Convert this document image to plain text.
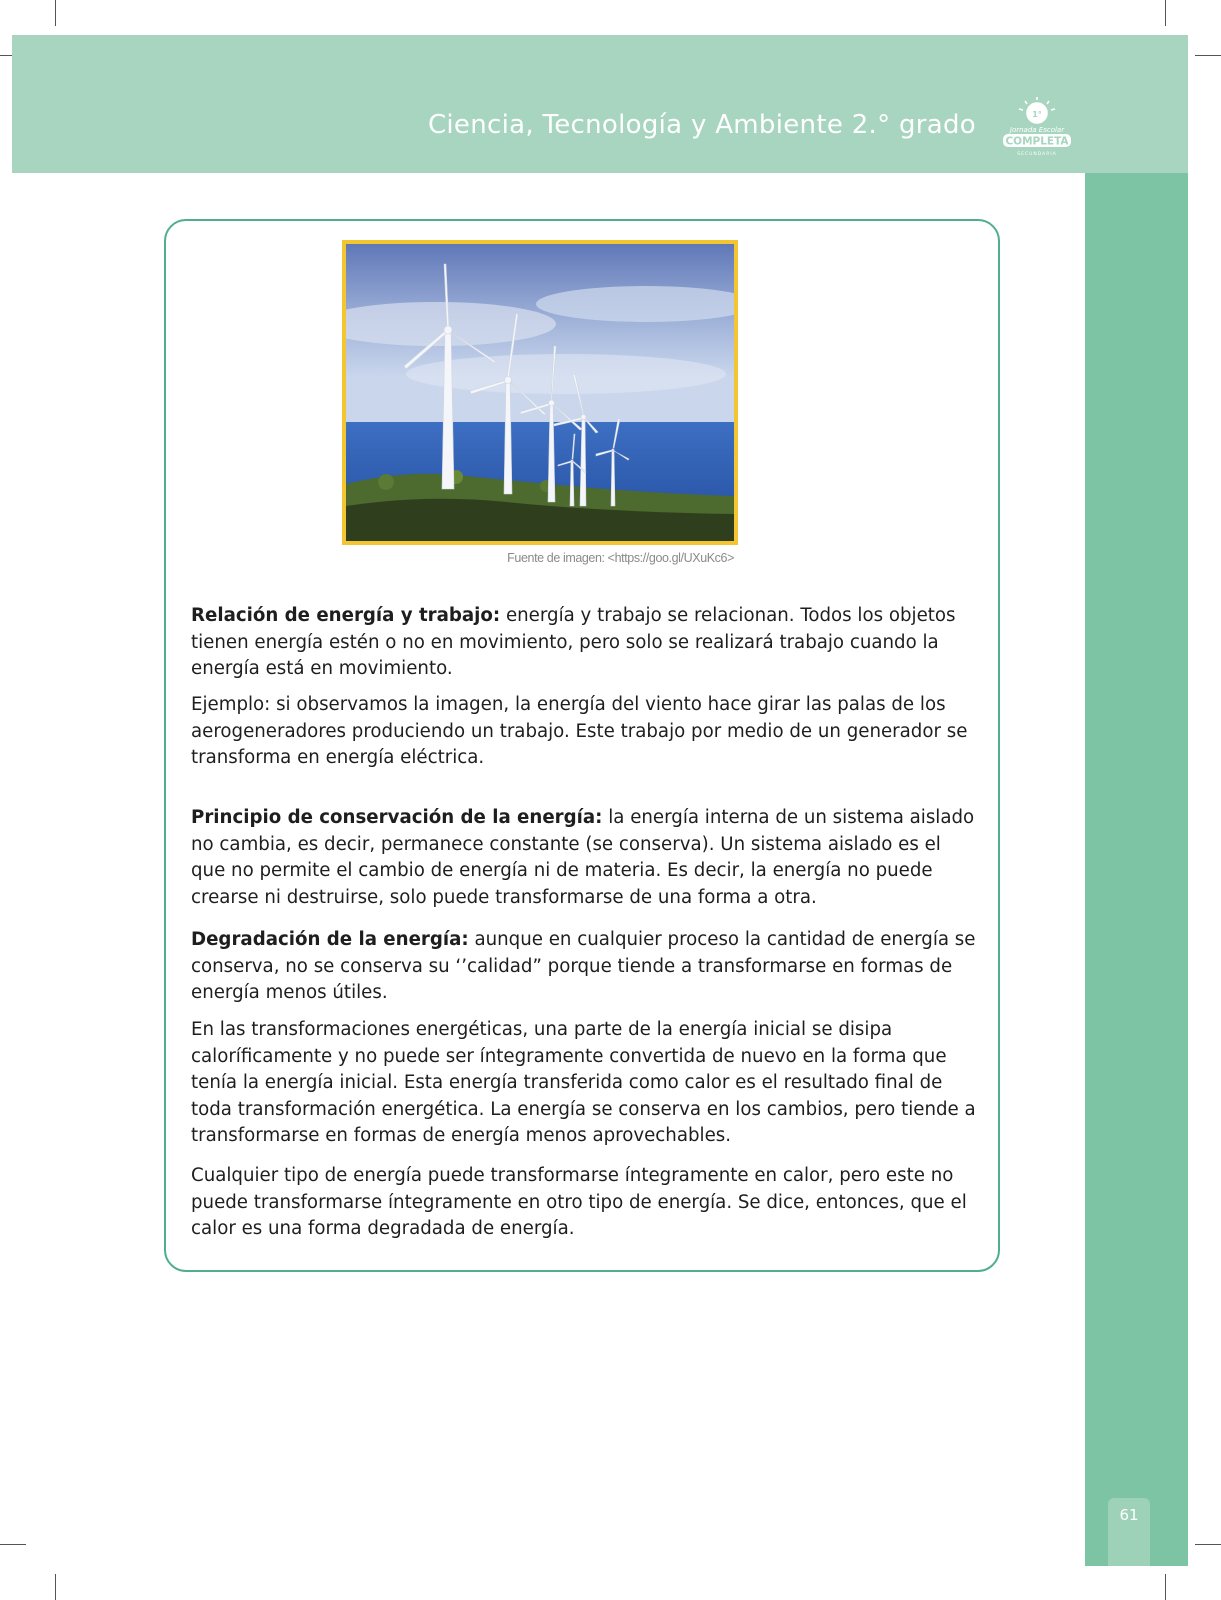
Ciencia, Tecnología y Ambiente 2.° grado	1°
Jornada Escolar
COMPLETA
SECUNDARIA
61
Fuente de imagen: <https://goo.gl/UXuKc6>
Relación de energía y trabajo: energía y trabajo se relacionan. Todos los objetos tienen energía estén o no en movimiento, pero solo se realizará trabajo cuando la energía está en movimiento.
Ejemplo: si observamos la imagen, la energía del viento hace girar las palas de los aerogeneradores produciendo un trabajo. Este trabajo por medio de un generador se transforma en energía eléctrica.
Principio de conservación de la energía: la energía interna de un sistema aislado no cambia, es decir, permanece constante (se conserva). Un sistema aislado es el que no permite el cambio de energía ni de materia. Es decir, la energía no puede crearse ni destruirse, solo puede transformarse de una forma a otra.
Degradación de la energía: aunque en cualquier proceso la cantidad de energía se conserva, no se conserva su ‘’calidad” porque tiende a transformarse en formas de energía menos útiles.
En las transformaciones energéticas, una parte de la energía inicial se disipa caloríficamente y no puede ser íntegramente convertida de nuevo en la forma que tenía la energía inicial. Esta energía transferida como calor es el resultado final de toda transformación energética. La energía se conserva en los cambios, pero tiende a transformarse en formas de energía menos aprovechables.
Cualquier tipo de energía puede transformarse íntegramente en calor, pero este no puede transformarse íntegramente en otro tipo de energía. Se dice, entonces, que el calor es una forma degradada de energía.
